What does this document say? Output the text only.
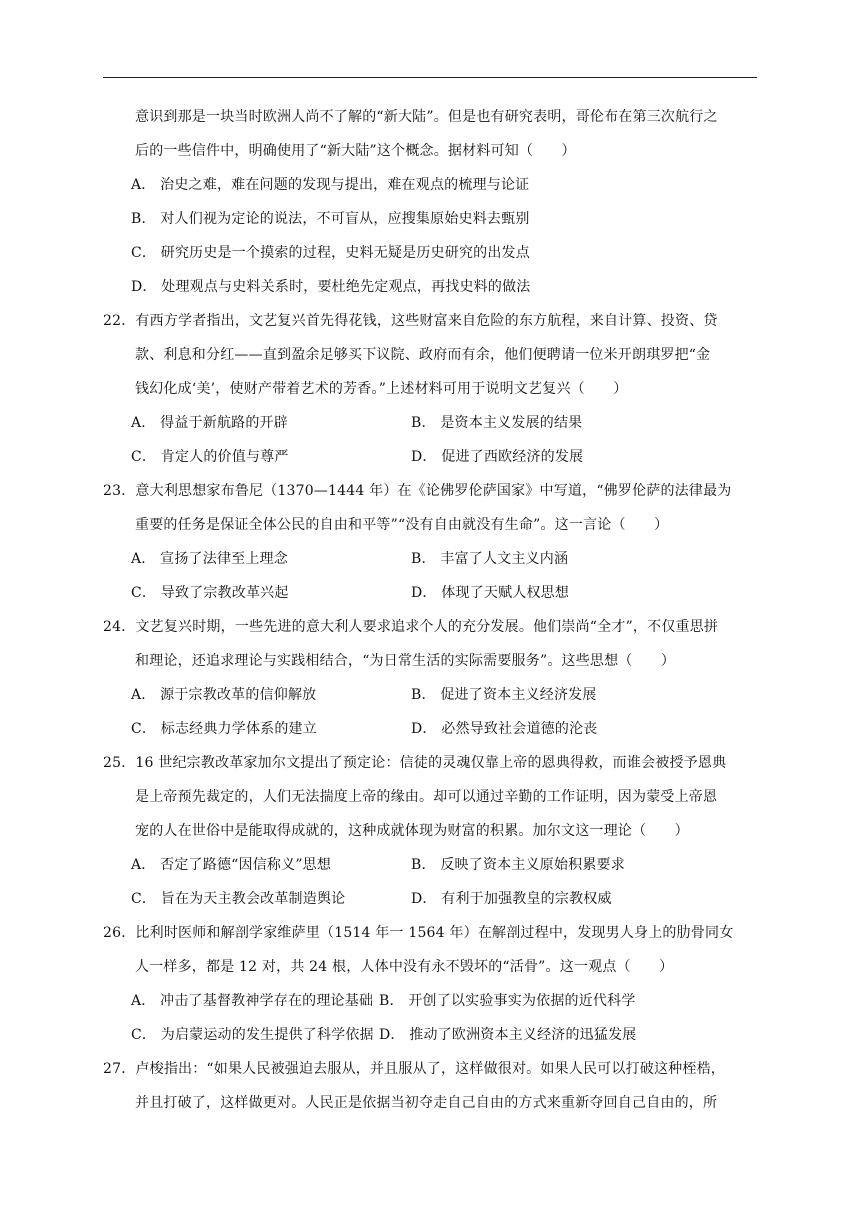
意识到那是一块当时欧洲人尚不了解的“新大陆”。但是也有研究表明，哥伦布在第三次航行之
后的一些信件中，明确使用了“新大陆”这个概念。据材料可知（　　）
A． 治史之难，难在问题的发现与提出，难在观点的梳理与论证
B． 对人们视为定论的说法，不可盲从，应搜集原始史料去甄别
C． 研究历史是一个摸索的过程，史料无疑是历史研究的出发点
D． 处理观点与史料关系时，要杜绝先定观点，再找史料的做法
22．有西方学者指出，文艺复兴首先得花钱，这些财富来自危险的东方航程，来自计算、投资、贷
款、利息和分红——直到盈余足够买下议院、政府而有余，他们便聘请一位米开朗琪罗把“金
钱幻化成‘美’，使财产带着艺术的芳香。”上述材料可用于说明文艺复兴（　　）
A． 得益于新航路的开辟	B． 是资本主义发展的结果
C． 肯定人的价值与尊严	D． 促进了西欧经济的发展
23．意大利思想家布鲁尼（1370—1444 年）在《论佛罗伦萨国家》中写道，“佛罗伦萨的法律最为
重要的任务是保证全体公民的自由和平等”“没有自由就没有生命”。这一言论（　　）
A． 宣扬了法律至上理念	B． 丰富了人文主义内涵
C． 导致了宗教改革兴起	D． 体现了天赋人权思想
24．文艺复兴时期，一些先进的意大利人要求追求个人的充分发展。他们崇尚“全才”，不仅重思拼
和理论，还追求理论与实践相结合，“为日常生活的实际需要服务”。这些思想（　　）
A． 源于宗教改革的信仰解放	B． 促进了资本主义经济发展
C． 标志经典力学体系的建立	D． 必然导致社会道德的沦丧
25．16 世纪宗教改革家加尔文提出了预定论：信徒的灵魂仅靠上帝的恩典得救，而谁会被授予恩典
是上帝预先裁定的，人们无法揣度上帝的缘由。却可以通过辛勤的工作证明，因为蒙受上帝恩
宠的人在世俗中是能取得成就的，这种成就体现为财富的积累。加尔文这一理论（　　）
A． 否定了路德“因信称义”思想	B． 反映了资本主义原始积累要求
C． 旨在为天主教会改革制造舆论	D． 有利于加强教皇的宗教权威
26．比利时医师和解剖学家维萨里（1514 年一 1564 年）在解剖过程中，发现男人身上的肋骨同女
人一样多，都是 12 对，共 24 根，人体中没有永不毁坏的“活骨”。这一观点（　　）
A． 冲击了基督教神学存在的理论基础 B． 开创了以实验事实为依据的近代科学
C． 为启蒙运动的发生提供了科学依据 D． 推动了欧洲资本主义经济的迅猛发展
27．卢梭指出：“如果人民被强迫去服从，并且服从了，这样做很对。如果人民可以打破这种桎梏，
并且打破了，这样做更对。人民正是依据当初夺走自己自由的方式来重新夺回自己自由的，所
